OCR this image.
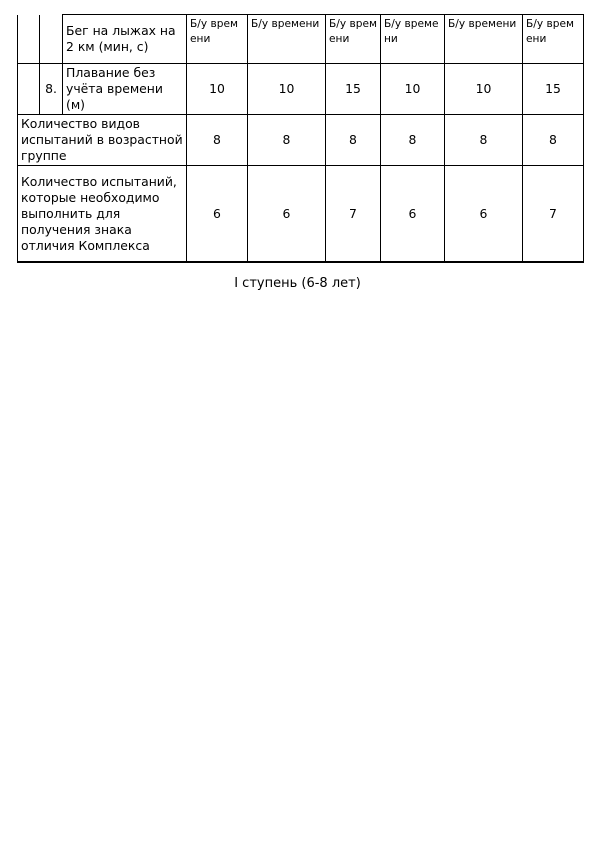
		Бег на лыжах на 2 км (мин, с)	Б/у времени	Б/у времени	Б/у времени	Б/у времени	Б/у времени	Б/у времени
	8.	Плавание без учёта времени (м)	10	10	15	10	10	15
Количество видов испытаний в возрастной группе			8	8	8	8	8	8
Количество испытаний, которые необходимо выполнить для получения знака отличия Комплекса			6	6	7	6	6	7
I ступень (6-8 лет)
